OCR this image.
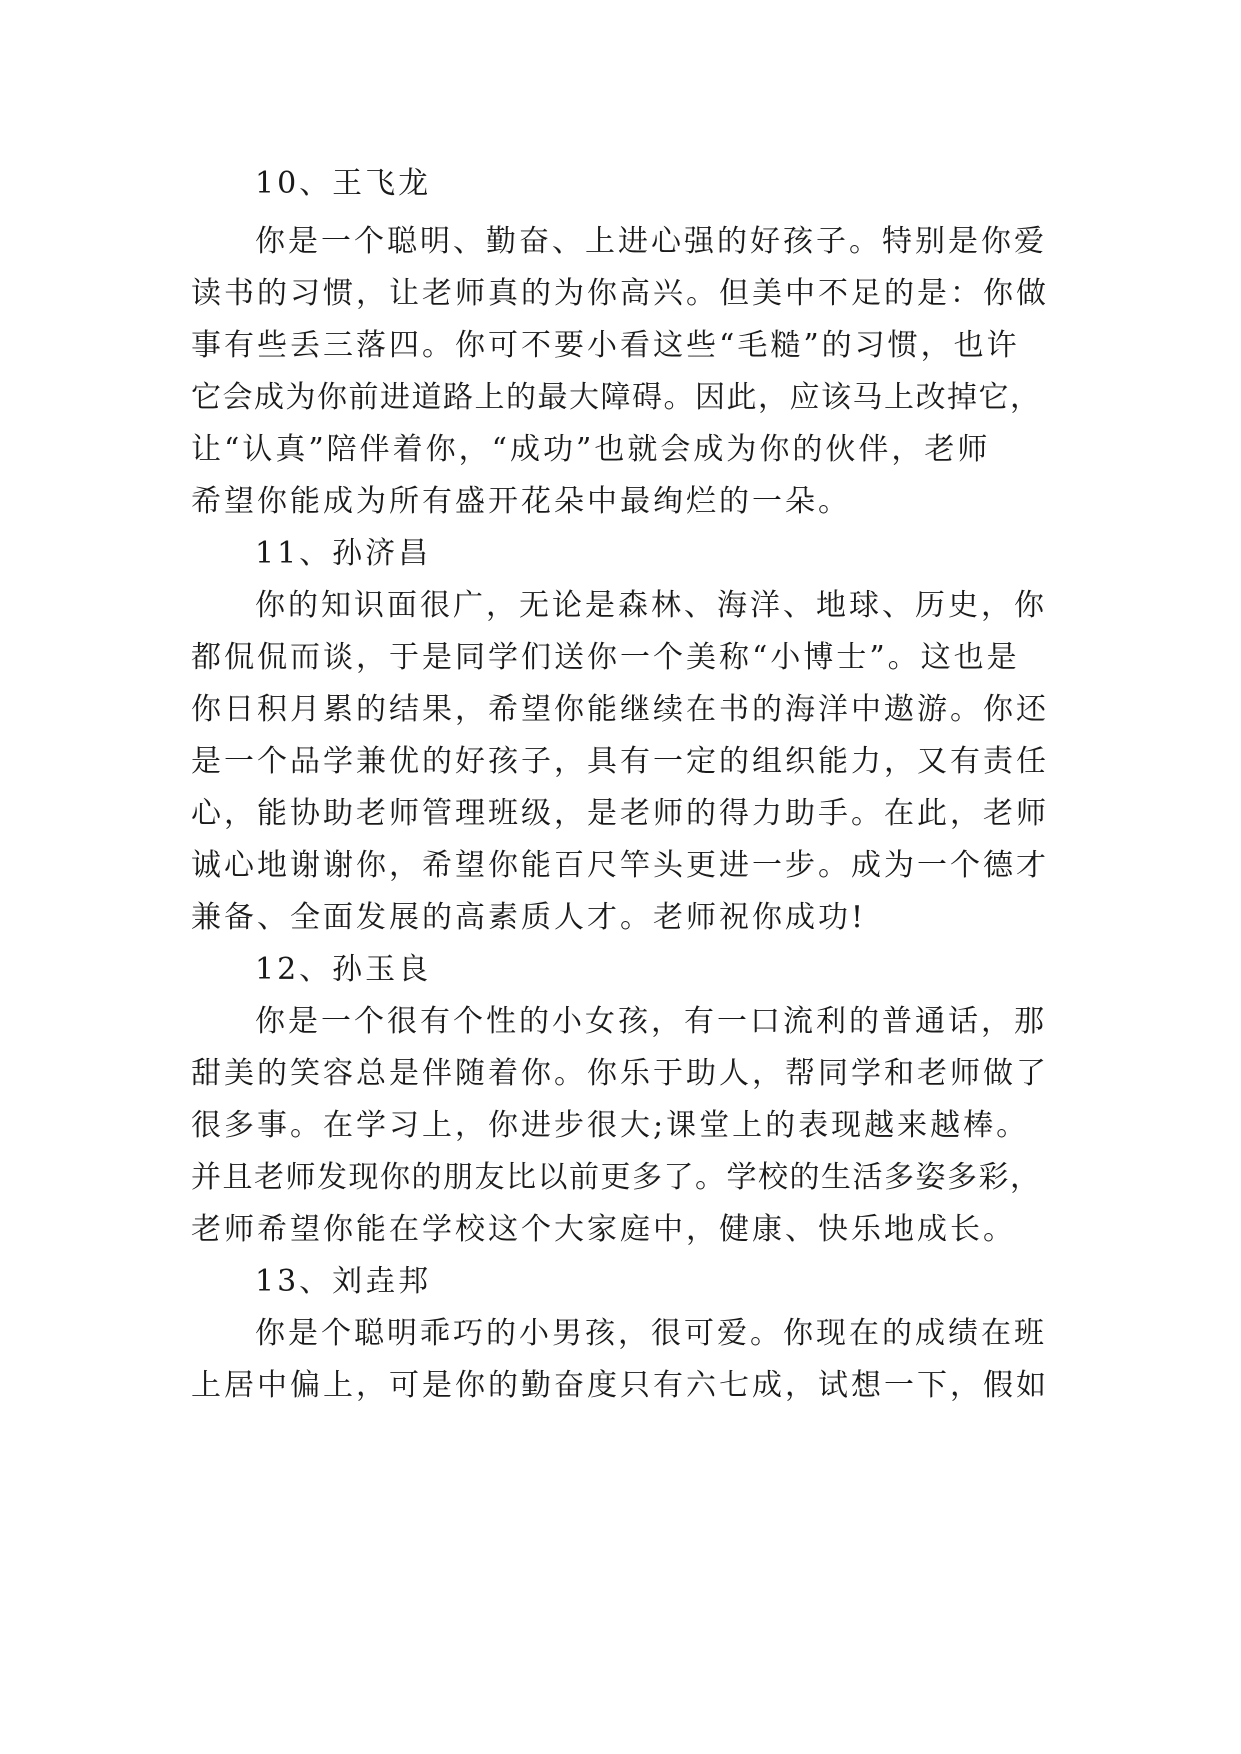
10、王飞龙
你是一个聪明、勤奋、上进心强的好孩子。特别是你爱
读书的习惯，让老师真的为你高兴。但美中不足的是：你做
事有些丢三落四。你可不要小看这些“毛糙”的习惯，也许
它会成为你前进道路上的最大障碍。因此，应该马上改掉它，
让“认真”陪伴着你，“成功”也就会成为你的伙伴，老师
希望你能成为所有盛开花朵中最绚烂的一朵。
11、孙济昌
你的知识面很广，无论是森林、海洋、地球、历史，你
都侃侃而谈，于是同学们送你一个美称“小博士”。这也是
你日积月累的结果，希望你能继续在书的海洋中遨游。你还
是一个品学兼优的好孩子，具有一定的组织能力，又有责任
心，能协助老师管理班级，是老师的得力助手。在此，老师
诚心地谢谢你，希望你能百尺竿头更进一步。成为一个德才
兼备、全面发展的高素质人才。老师祝你成功!
12、孙玉良
你是一个很有个性的小女孩，有一口流利的普通话，那
甜美的笑容总是伴随着你。你乐于助人，帮同学和老师做了
很多事。在学习上，你进步很大;课堂上的表现越来越棒。
并且老师发现你的朋友比以前更多了。学校的生活多姿多彩，
老师希望你能在学校这个大家庭中，健康、快乐地成长。
13、刘垚邦
你是个聪明乖巧的小男孩，很可爱。你现在的成绩在班
上居中偏上，可是你的勤奋度只有六七成，试想一下，假如
